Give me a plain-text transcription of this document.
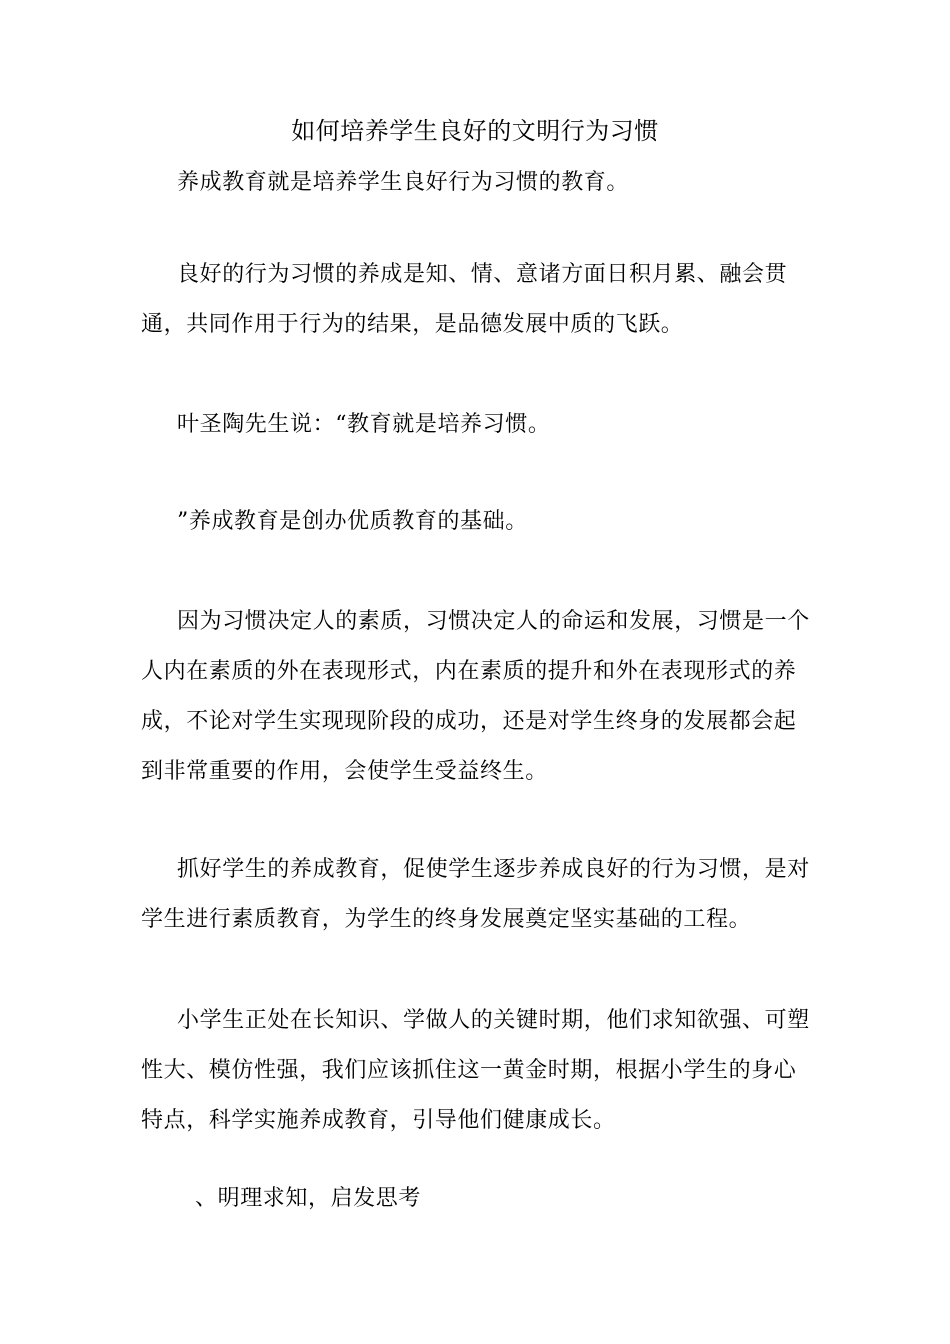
如何培养学生良好的文明行为习惯

养成教育就是培养学生良好行为习惯的教育。

良好的行为习惯的养成是知、情、意诸方面日积月累、融会贯通，共同作用于行为的结果，是品德发展中质的飞跃。

叶圣陶先生说：“教育就是培养习惯。

”养成教育是创办优质教育的基础。

因为习惯决定人的素质，习惯决定人的命运和发展，习惯是一个人内在素质的外在表现形式，内在素质的提升和外在表现形式的养成，不论对学生实现现阶段的成功，还是对学生终身的发展都会起到非常重要的作用，会使学生受益终生。

抓好学生的养成教育，促使学生逐步养成良好的行为习惯，是对学生进行素质教育，为学生的终身发展奠定坚实基础的工程。

小学生正处在长知识、学做人的关键时期，他们求知欲强、可塑性大、模仿性强，我们应该抓住这一黄金时期，根据小学生的身心特点，科学实施养成教育，引导他们健康成长。

、明理求知，启发思考
